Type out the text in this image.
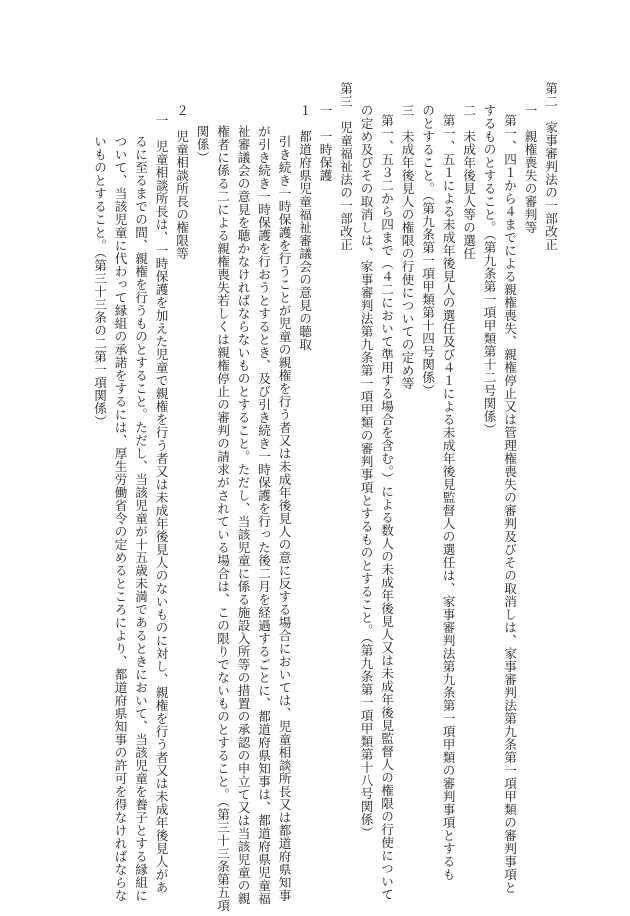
第二　家事審判法の一部改正
一　親権喪失の審判等
第一、四１から４までによる親権喪失、親権停止又は管理権喪失の審判及びその取消しは、家事審判法第九条第一項甲類の審判事項と
するものとすること。（第九条第一項甲類第十二号関係）
二　未成年後見人等の選任
第一、五１による未成年後見人の選任及び４１による未成年後見監督人の選任は、家事審判法第九条第一項甲類の審判事項とするも
のとすること。（第九条第一項甲類第十四号関係）
三　未成年後見人の権限の行使についての定め等
第一、五３二から四まで（４二において準用する場合を含む。）による数人の未成年後見人又は未成年後見監督人の権限の行使について
の定め及びその取消しは、家事審判法第九条第一項甲類の審判事項とするものとすること。（第九条第一項甲類第十八号関係）
第三　児童福祉法の一部改正
一　一時保護
１　都道府県児童福祉審議会の意見の聴取
引き続き一時保護を行うことが児童の親権を行う者又は未成年後見人の意に反する場合においては、児童相談所長又は都道府県知事
が引き続き一時保護を行おうとするとき、及び引き続き一時保護を行った後二月を経過するごとに、都道府県知事は、都道府県児童福
祉審議会の意見を聴かなければならないものとすること。ただし、当該児童に係る施設入所等の措置の承認の申立て又は当該児童の親
権者に係る二による親権喪失若しくは親権停止の審判の請求がされている場合は、この限りでないものとすること。（第三十三条第五項
関係）
２　児童相談所長の権限等
一　児童相談所長は、一時保護を加えた児童で親権を行う者又は未成年後見人のないものに対し、親権を行う者又は未成年後見人があ
るに至るまでの間、親権を行うものとすること。ただし、当該児童が十五歳未満であるときにおいて、当該児童を養子とする縁組に
ついて、当該児童に代わって縁組の承諾をするには、厚生労働省令の定めるところにより、都道府県知事の許可を得なければならな
いものとすること。（第三十三条の二第一項関係）
